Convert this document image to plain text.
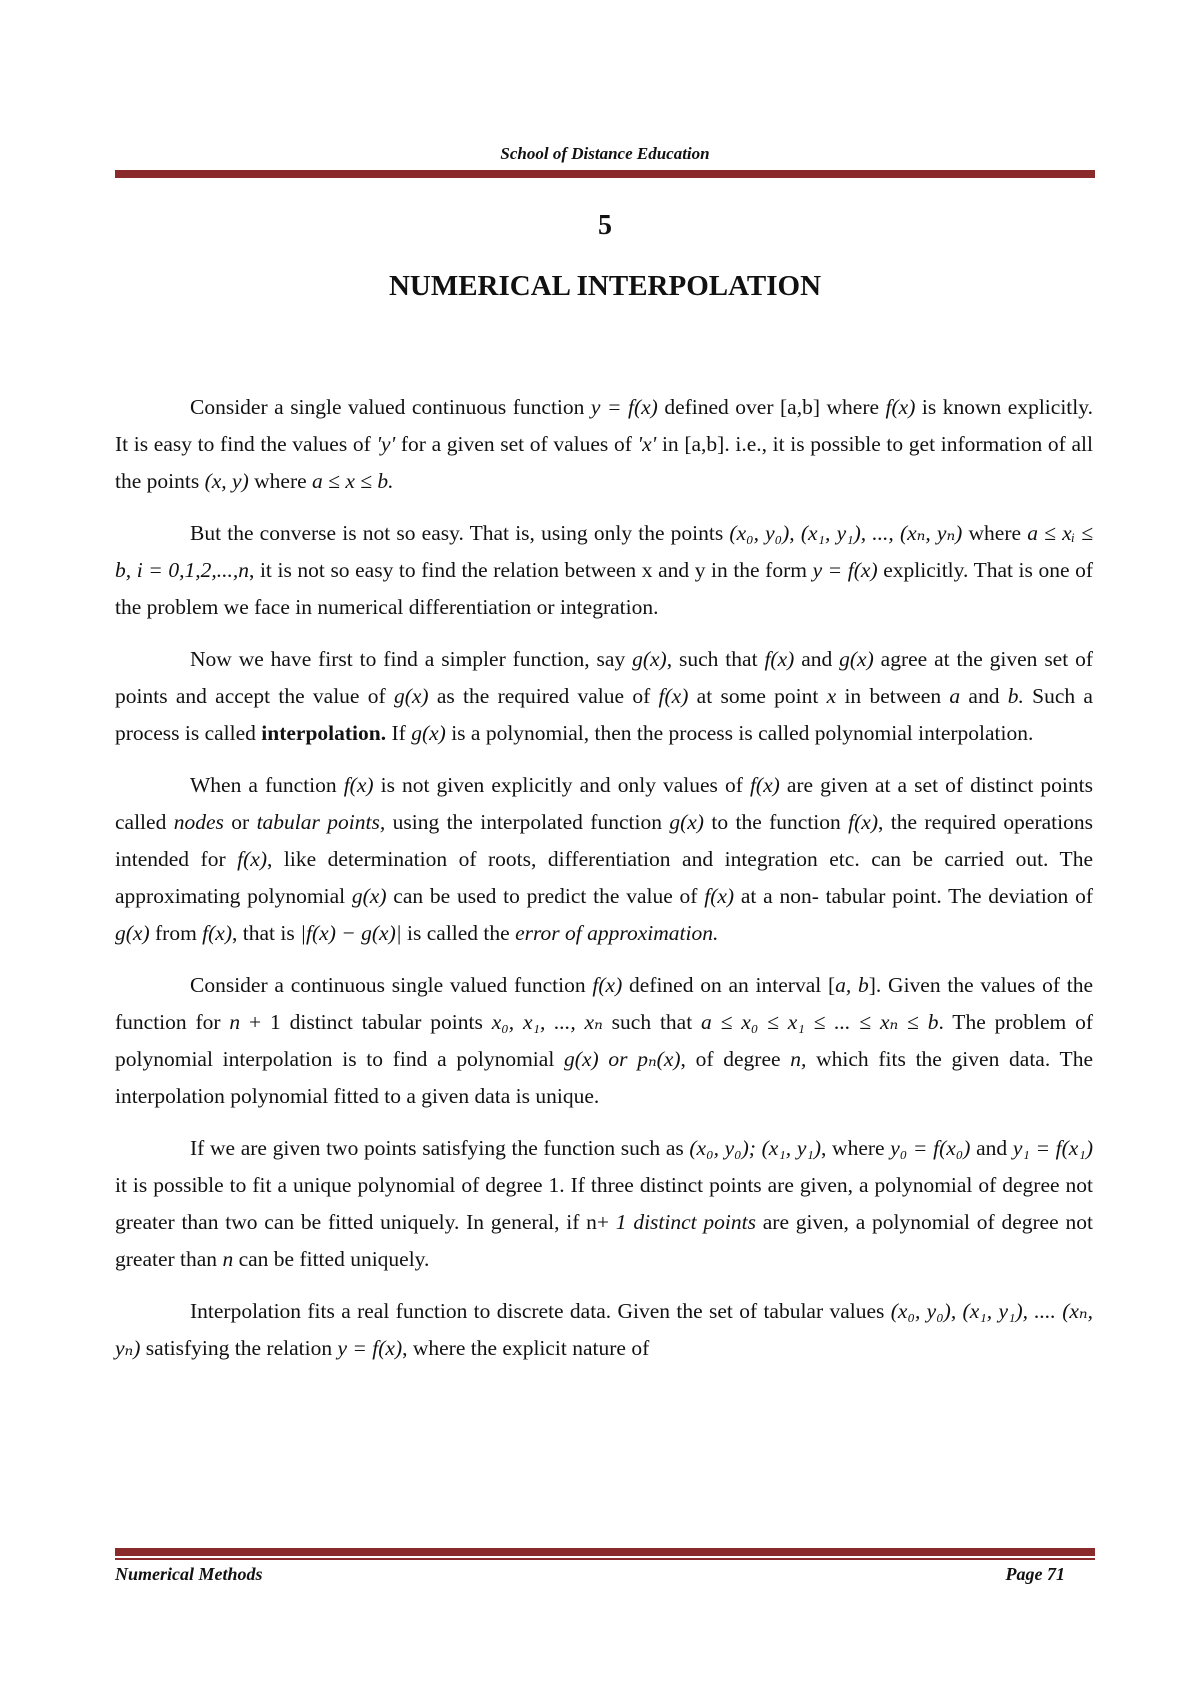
School of Distance Education
5
NUMERICAL INTERPOLATION

Consider a single valued continuous function y = f(x) defined over [a,b] where f(x) is known explicitly. It is easy to find the values of 'y' for a given set of values of 'x' in [a,b]. i.e., it is possible to get information of all the points (x, y) where a ≤ x ≤ b.

But the converse is not so easy. That is, using only the points (x₀, y₀), (x₁, y₁), ..., (xₙ, yₙ) where a ≤ xᵢ ≤ b, i = 0,1,2,...,n, it is not so easy to find the relation between x and y in the form y = f(x) explicitly. That is one of the problem we face in numerical differentiation or integration.

Now we have first to find a simpler function, say g(x), such that f(x) and g(x) agree at the given set of points and accept the value of g(x) as the required value of f(x) at some point x in between a and b. Such a process is called interpolation. If g(x) is a polynomial, then the process is called polynomial interpolation.

When a function f(x) is not given explicitly and only values of f(x) are given at a set of distinct points called nodes or tabular points, using the interpolated function g(x) to the function f(x), the required operations intended for f(x), like determination of roots, differentiation and integration etc. can be carried out. The approximating polynomial g(x) can be used to predict the value of f(x) at a non- tabular point. The deviation of g(x) from f(x), that is |f(x) − g(x)| is called the error of approximation.

Consider a continuous single valued function f(x) defined on an interval [a, b]. Given the values of the function for n + 1 distinct tabular points x₀, x₁, ..., xₙ such that a ≤ x₀ ≤ x₁ ≤ ... ≤ xₙ ≤ b. The problem of polynomial interpolation is to find a polynomial g(x) or pₙ(x), of degree n, which fits the given data. The interpolation polynomial fitted to a given data is unique.

If we are given two points satisfying the function such as (x₀, y₀); (x₁, y₁), where y₀ = f(x₀) and y₁ = f(x₁) it is possible to fit a unique polynomial of degree 1. If three distinct points are given, a polynomial of degree not greater than two can be fitted uniquely. In general, if n+ 1 distinct points are given, a polynomial of degree not greater than n can be fitted uniquely.

Interpolation fits a real function to discrete data. Given the set of tabular values (x₀, y₀), (x₁, y₁), .... (xₙ, yₙ) satisfying the relation y = f(x), where the explicit nature of

Numerical Methods	Page 71
